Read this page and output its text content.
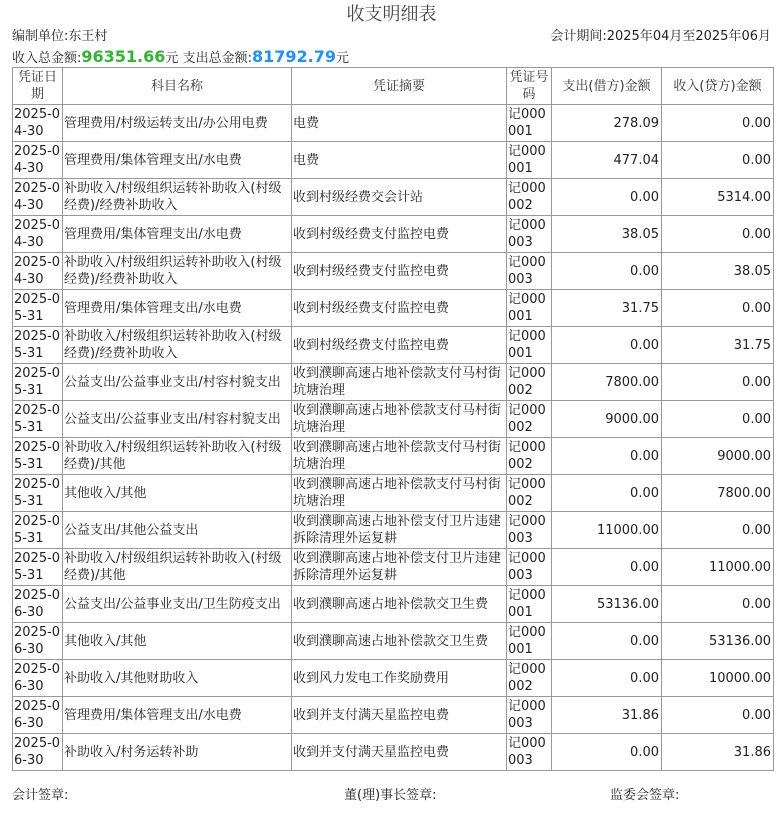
收支明细表
编制单位:东王村	会计期间:2025年04月至2025年06月
收入总金额:96351.66元 支出总金额:81792.79元
凭证日期	科目名称	凭证摘要	凭证号码	支出(借方)金额	收入(贷方)金额
2025-04-30	管理费用/村级运转支出/办公用电费	电费	记000001	278.09	0.00
2025-04-30	管理费用/集体管理支出/水电费	电费	记000001	477.04	0.00
2025-04-30	补助收入/村级组织运转补助收入(村级经费)/经费补助收入	收到村级经费交会计站	记000002	0.00	5314.00
2025-04-30	管理费用/集体管理支出/水电费	收到村级经费支付监控电费	记000003	38.05	0.00
2025-04-30	补助收入/村级组织运转补助收入(村级经费)/经费补助收入	收到村级经费支付监控电费	记000003	0.00	38.05
2025-05-31	管理费用/集体管理支出/水电费	收到村级经费支付监控电费	记000001	31.75	0.00
2025-05-31	补助收入/村级组织运转补助收入(村级经费)/经费补助收入	收到村级经费支付监控电费	记000001	0.00	31.75
2025-05-31	公益支出/公益事业支出/村容村貌支出	收到濮聊高速占地补偿款支付马村街坑塘治理	记000002	7800.00	0.00
2025-05-31	公益支出/公益事业支出/村容村貌支出	收到濮聊高速占地补偿款支付马村街坑塘治理	记000002	9000.00	0.00
2025-05-31	补助收入/村级组织运转补助收入(村级经费)/其他	收到濮聊高速占地补偿款支付马村街坑塘治理	记000002	0.00	9000.00
2025-05-31	其他收入/其他	收到濮聊高速占地补偿款支付马村街坑塘治理	记000002	0.00	7800.00
2025-05-31	公益支出/其他公益支出	收到濮聊高速占地补偿支付卫片违建拆除清理外运复耕	记000003	11000.00	0.00
2025-05-31	补助收入/村级组织运转补助收入(村级经费)/其他	收到濮聊高速占地补偿支付卫片违建拆除清理外运复耕	记000003	0.00	11000.00
2025-06-30	公益支出/公益事业支出/卫生防疫支出	收到濮聊高速占地补偿款交卫生费	记000001	53136.00	0.00
2025-06-30	其他收入/其他	收到濮聊高速占地补偿款交卫生费	记000001	0.00	53136.00
2025-06-30	补助收入/其他财助收入	收到风力发电工作奖励费用	记000002	0.00	10000.00
2025-06-30	管理费用/集体管理支出/水电费	收到并支付满天星监控电费	记000003	31.86	0.00
2025-06-30	补助收入/村务运转补助	收到并支付满天星监控电费	记000003	0.00	31.86
会计签章:	董(理)事长签章:	监委会签章:
